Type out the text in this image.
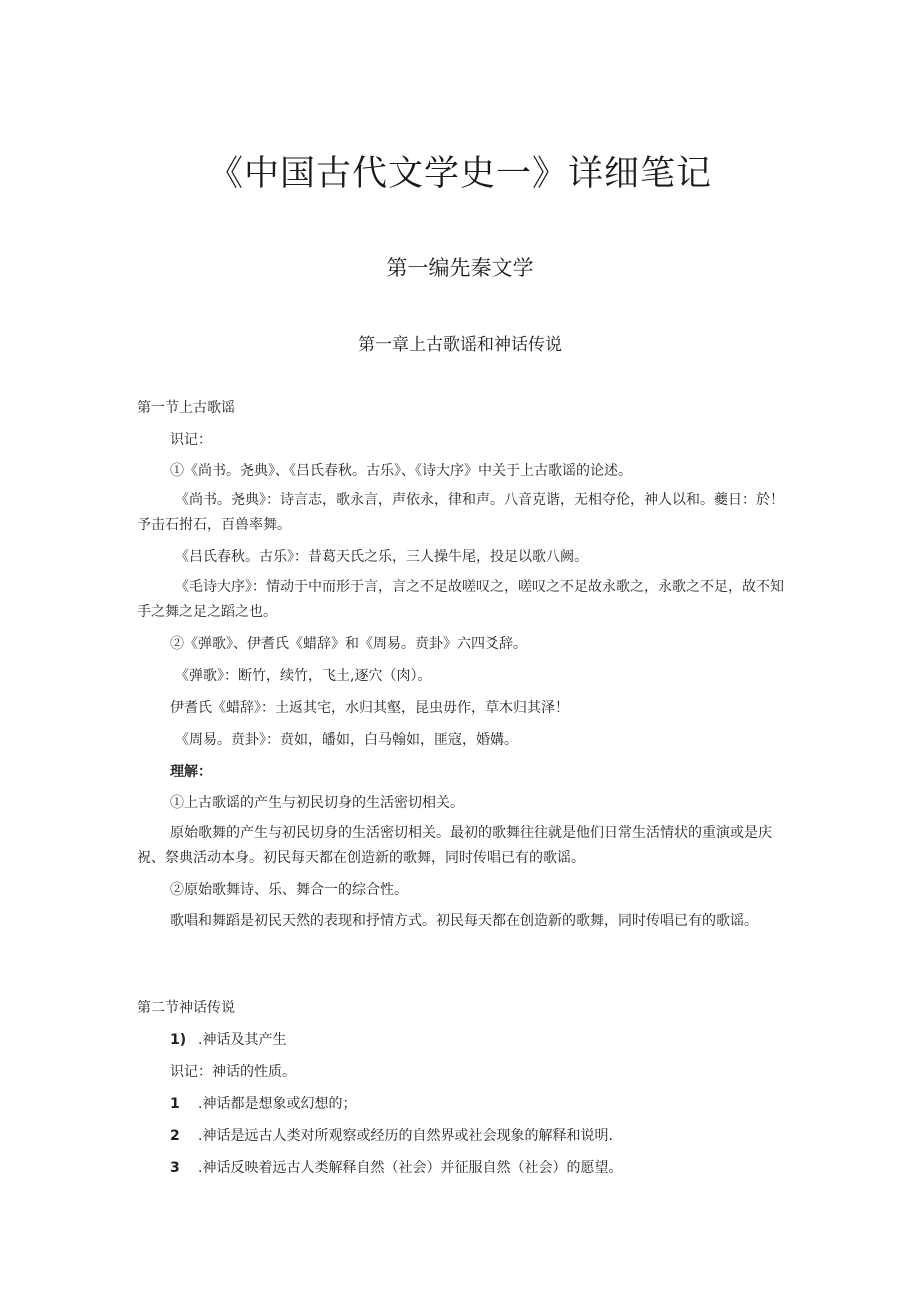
《中国古代文学史一》详细笔记
第一编先秦文学
第一章上古歌谣和神话传说
第一节上古歌谣
识记：
①《尚书。尧典》、《吕氏春秋。古乐》、《诗大序》中关于上古歌谣的论述。
《尚书。尧典》：诗言志，歌永言，声依永，律和声。八音克谐，无相夺伦，神人以和。夔日：於！予击石拊石，百兽率舞。
《吕氏春秋。古乐》：昔葛天氏之乐，三人操牛尾，投足以歌八阙。
《毛诗大序》：情动于中而形于言，言之不足故嗟叹之，嗟叹之不足故永歌之，永歌之不足，故不知手之舞之足之蹈之也。
②《弹歌》、伊耆氏《蜡辞》和《周易。贲卦》六四爻辞。
《弹歌》：断竹，续竹，飞土,逐穴（肉）。
伊耆氏《蜡辞》：土返其宅，水归其壑，昆虫毋作，草木归其泽！
《周易。贲卦》：贲如，皤如，白马翰如，匪寇，婚媾。
理解：
①上古歌谣的产生与初民切身的生活密切相关。
原始歌舞的产生与初民切身的生活密切相关。最初的歌舞往往就是他们日常生活情状的重演或是庆祝、祭典活动本身。初民每天都在创造新的歌舞，同时传唱已有的歌谣。
②原始歌舞诗、乐、舞合一的综合性。
歌唱和舞蹈是初民天然的表现和抒情方式。初民每天都在创造新的歌舞，同时传唱已有的歌谣。
第二节神话传说
1) .神话及其产生
识记：神话的性质。
1 .神话都是想象或幻想的；
2 .神话是远古人类对所观察或经历的自然界或社会现象的解释和说明.
3 .神话反映着远古人类解释自然（社会）并征服自然（社会）的愿望。
